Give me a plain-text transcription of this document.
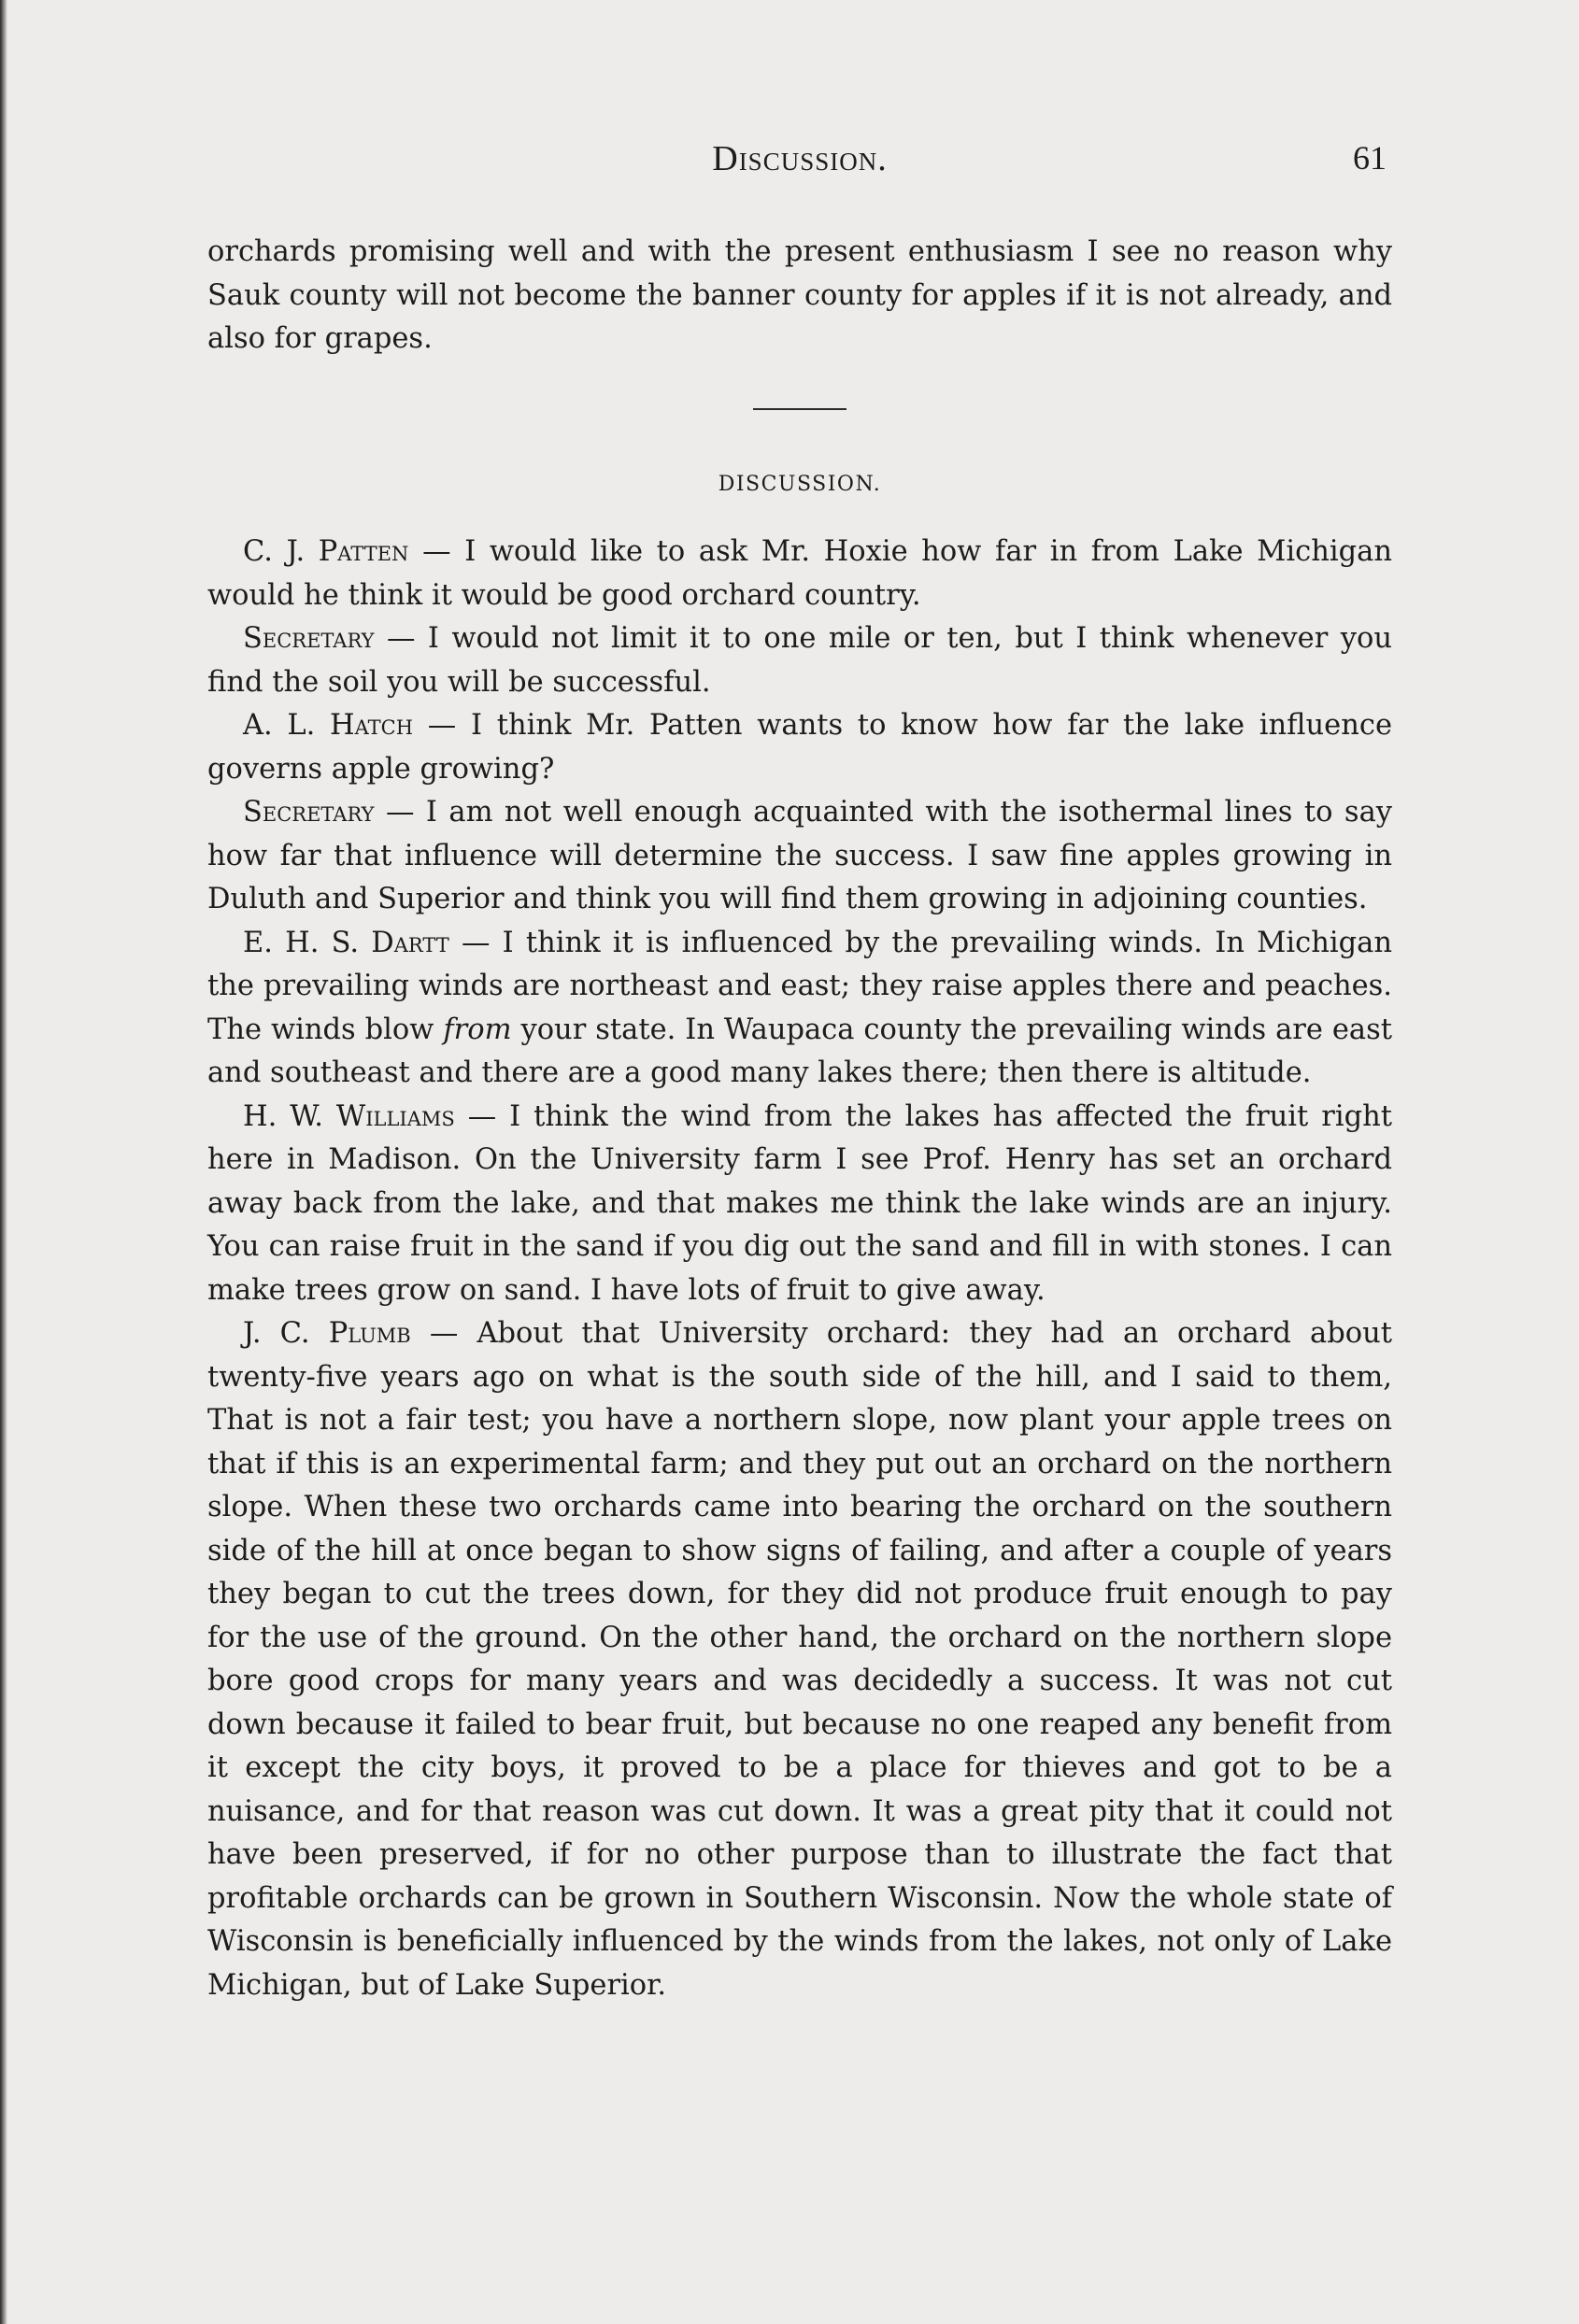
Discussion.	61

orchards promising well and with the present enthusiasm I see no reason why Sauk county will not become the banner county for apples if it is not already, and also for grapes.

DISCUSSION.

C. J. Patten — I would like to ask Mr. Hoxie how far in from Lake Michigan would he think it would be good orchard country.

Secretary — I would not limit it to one mile or ten, but I think whenever you find the soil you will be successful.

A. L. Hatch — I think Mr. Patten wants to know how far the lake influence governs apple growing?

Secretary — I am not well enough acquainted with the isothermal lines to say how far that influence will determine the success. I saw fine apples growing in Duluth and Superior and think you will find them growing in adjoining counties.

E. H. S. Dartt — I think it is influenced by the prevailing winds. In Michigan the prevailing winds are northeast and east; they raise apples there and peaches. The winds blow from your state. In Waupaca county the prevailing winds are east and southeast and there are a good many lakes there; then there is altitude.

H. W. Williams — I think the wind from the lakes has affected the fruit right here in Madison. On the University farm I see Prof. Henry has set an orchard away back from the lake, and that makes me think the lake winds are an injury. You can raise fruit in the sand if you dig out the sand and fill in with stones. I can make trees grow on sand. I have lots of fruit to give away.

J. C. Plumb — About that University orchard: they had an orchard about twenty-five years ago on what is the south side of the hill, and I said to them, That is not a fair test; you have a northern slope, now plant your apple trees on that if this is an experimental farm; and they put out an orchard on the northern slope. When these two orchards came into bearing the orchard on the southern side of the hill at once began to show signs of failing, and after a couple of years they began to cut the trees down, for they did not produce fruit enough to pay for the use of the ground. On the other hand, the orchard on the northern slope bore good crops for many years and was decidedly a success. It was not cut down because it failed to bear fruit, but because no one reaped any benefit from it except the city boys, it proved to be a place for thieves and got to be a nuisance, and for that reason was cut down. It was a great pity that it could not have been preserved, if for no other purpose than to illustrate the fact that profitable orchards can be grown in Southern Wisconsin. Now the whole state of Wisconsin is beneficially influenced by the winds from the lakes, not only of Lake Michigan, but of Lake Superior.
